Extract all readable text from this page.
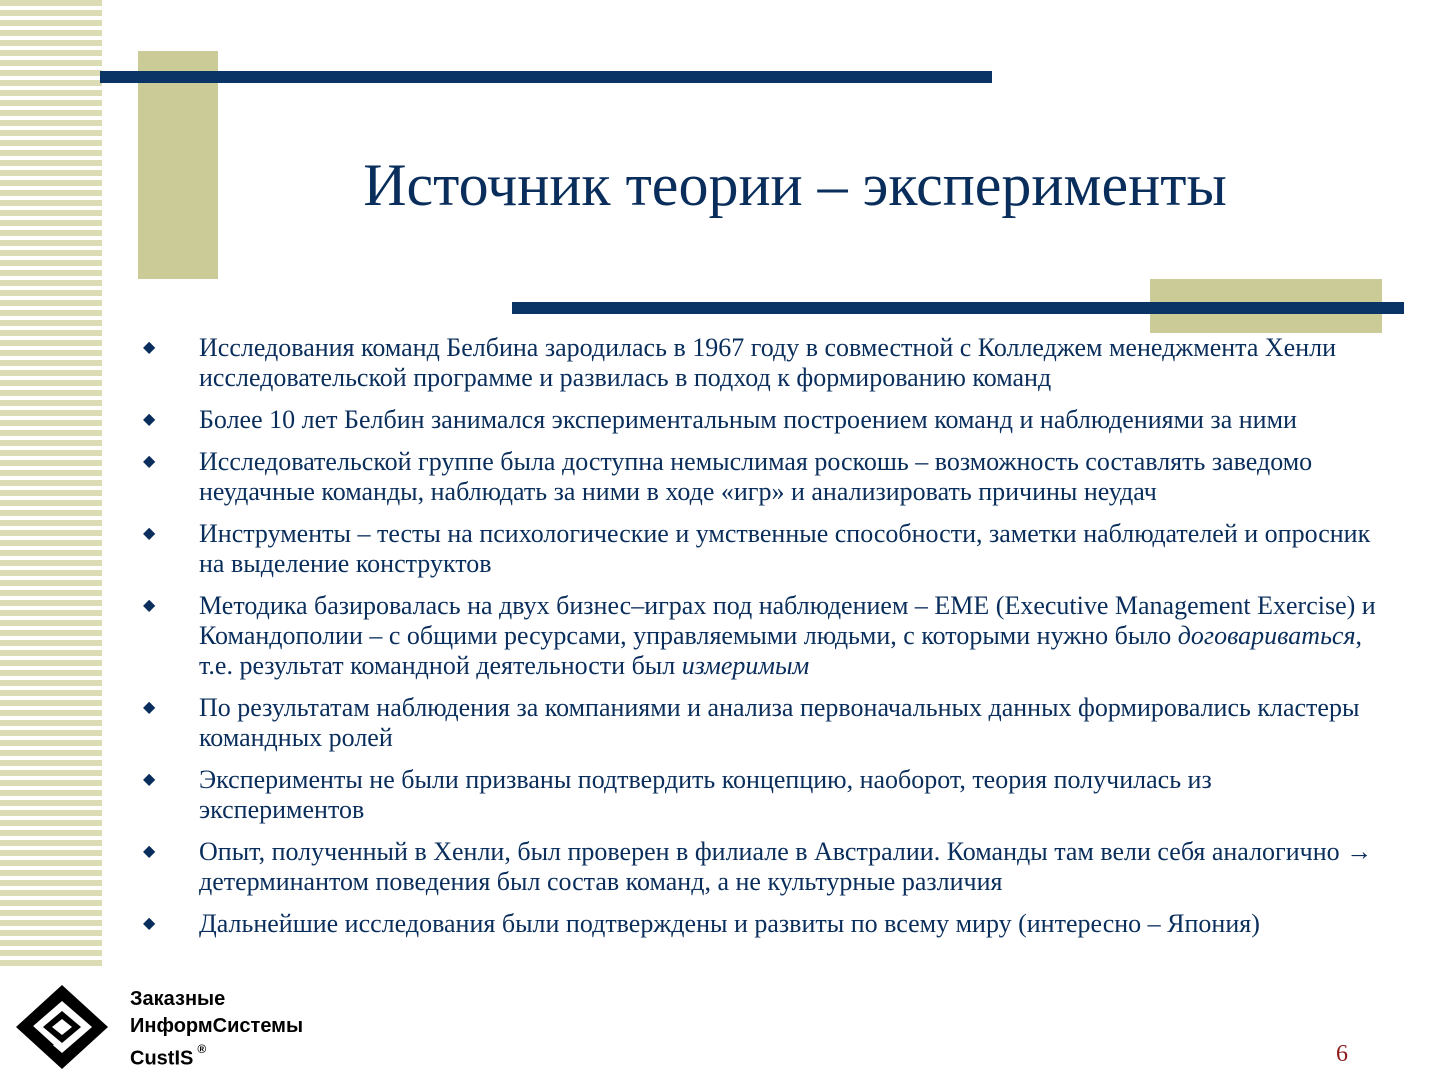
Источник теории – эксперименты
◆ Исследования команд Белбина зародилась в 1967 году в совместной с Колледжем менеджмента Хенли исследовательской программе и развилась в подход к формированию команд
◆ Более 10 лет Белбин занимался экспериментальным построением команд и наблюдениями за ними
◆ Исследовательской группе была доступна немыслимая роскошь – возможность составлять заведомо неудачные команды, наблюдать за ними в ходе «игр» и анализировать причины неудач
◆ Инструменты – тесты на психологические и умственные способности, заметки наблюдателей и опросник на выделение конструктов
◆ Методика базировалась на двух бизнес–играх под наблюдением – EME (Executive Management Exercise) и Командополии – с общими ресурсами, управляемыми людьми, с которыми нужно было договариваться, т.е. результат командной деятельности был измеримым
◆ По результатам наблюдения за компаниями и анализа первоначальных данных формировались кластеры командных ролей
◆ Эксперименты не были призваны подтвердить концепцию, наоборот, теория получилась из экспериментов
◆ Опыт, полученный в Хенли, был проверен в филиале в Австралии. Команды там вели себя аналогично → детерминантом поведения был состав команд, а не культурные различия
◆ Дальнейшие исследования были подтверждены и развиты по всему миру (интересно – Япония)
Заказные
ИнформСистемы
CustIS ®	6
